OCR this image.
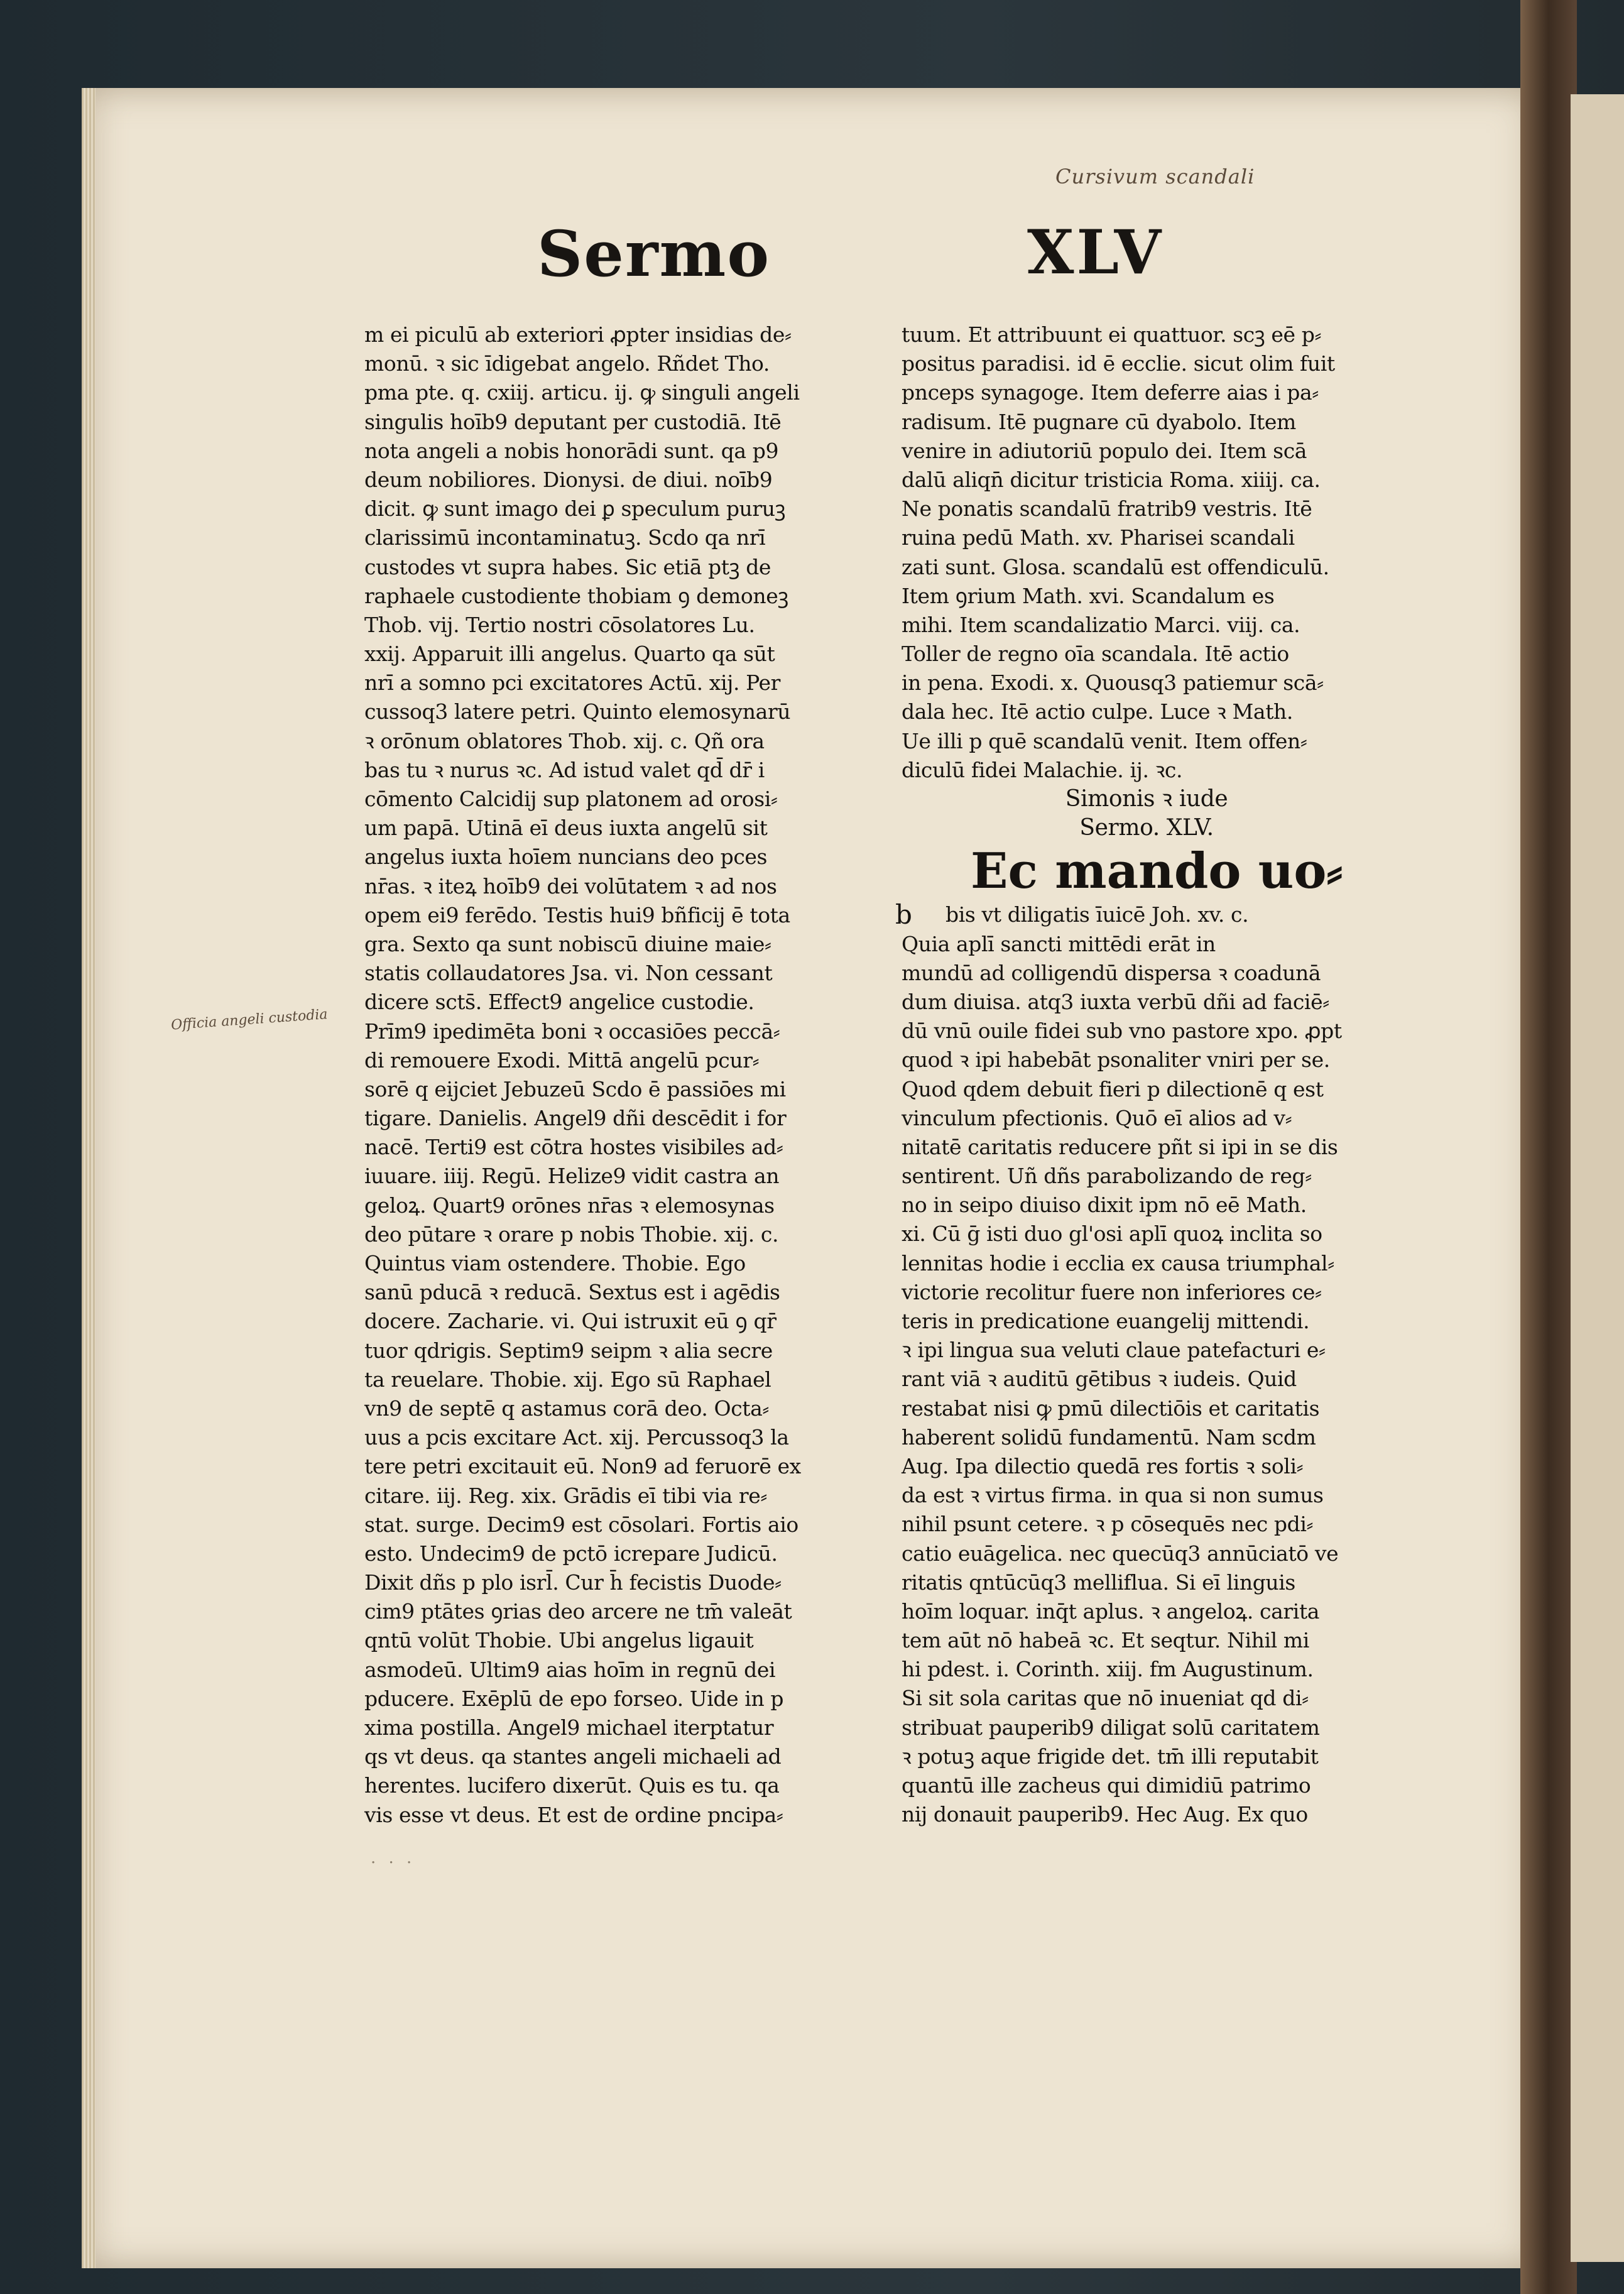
Cursivum scandali
Officia angeli custodia
Sermo	XLV
m ei piculū ab exteriori ꝓpter insidias de⸗
monū. ꝛ sic īdigebat angelo. Rñdet Tho.
pma pte. q. cxiij. articu. ij. ꝙ singuli angeli
singulis hoīb9 deputant per custodiā. Itē
nota angeli a nobis honorādi sunt. qa p9
deum nobiliores. Dionysi. de diui. noīb9
dicit. ꝙ sunt imago dei ꝑ speculum puruꝫ
clarissimū incontaminatuꝫ. Scdo qa nrī
custodes vt supra habes. Sic etiā ptꝫ de
raphaele custodiente thobiam ꝯ demoneꝫ
Thob. vij. Tertio nostri cōsolatores Lu.
xxij. Apparuit illi angelus. Quarto qa sūt
nrī a somno pci excitatores Actū. xij. Per
cussoq3 latere petri. Quinto elemosynarū
ꝛ orōnum oblatores Thob. xij. c. Qñ ora
bas tu ꝛ nurus ꝛc. Ad istud valet qd̄ dr̄ i
cōmento Calcidij sup platonem ad orosi⸗
um papā. Utinā eī deus iuxta angelū sit
angelus iuxta hoīem nuncians deo pces
nr̄as. ꝛ iteꝝ hoīb9 dei volūtatem ꝛ ad nos
opem ei9 ferēdo. Testis hui9 bñficij ē tota
gra. Sexto qa sunt nobiscū diuine maie⸗
statis collaudatores Jsa. vi. Non cessant
dicere scts̄. Effect9 angelice custodie.
Prīm9 ipedimēta boni ꝛ occasiōes peccā⸗
di remouere Exodi. Mittā angelū pcur⸗
sorē q eijciet Jebuzeū Scdo ē passiōes mi
tigare. Danielis. Angel9 dñi descēdit i for
nacē. Terti9 est cōtra hostes visibiles ad⸗
iuuare. iiij. Regū. Helize9 vidit castra an
geloꝝ. Quart9 orōnes nr̄as ꝛ elemosynas
deo pūtare ꝛ orare p nobis Thobie. xij. c.
Quintus viam ostendere. Thobie. Ego
sanū pducā ꝛ reducā. Sextus est i agēdis
docere. Zacharie. vi. Qui istruxit eū ꝯ qr̄
tuor qdrigis. Septim9 seipm ꝛ alia secre
ta reuelare. Thobie. xij. Ego sū Raphael
vn9 de septē q astamus corā deo. Octa⸗
uus a pcis excitare Act. xij. Percussoq3 la
tere petri excitauit eū. Non9 ad feruorē ex
citare. iij. Reg. xix. Grādis eī tibi via re⸗
stat. surge. Decim9 est cōsolari. Fortis aio
esto. Undecim9 de pctō icrepare Judicū.
Dixit dñs p plo isrl̄. Cur h̄ fecistis Duode⸗
cim9 ptātes ꝯrias deo arcere ne tm̄ valeāt
qntū volūt Thobie. Ubi angelus ligauit
asmodeū. Ultim9 aias hoīm in regnū dei
pducere. Exēplū de epo forseo. Uide in p
xima postilla. Angel9 michael iterptatur
qs vt deus. qa stantes angeli michaeli ad
herentes. lucifero dixerūt. Quis es tu. qa
vis esse vt deus. Et est de ordine pncipa⸗
tuum. Et attribuunt ei quattuor. scꝫ eē p⸗
positus paradisi. id ē ecclie. sicut olim fuit
pnceps synagoge. Item deferre aias i pa⸗
radisum. Itē pugnare cū dyabolo. Item
venire in adiutoriū populo dei. Item scā
dalū aliqn̄ dicitur tristicia Roma. xiiij. ca.
Ne ponatis scandalū fratrib9 vestris. Itē
ruina pedū Math. xv. Pharisei scandali
zati sunt. Glosa. scandalū est offendiculū.
Item ꝯrium Math. xvi. Scandalum es
mihi. Item scandalizatio Marci. viij. ca.
Toller de regno oīa scandala. Itē actio
in pena. Exodi. x. Quousq3 patiemur scā⸗
dala hec. Itē actio culpe. Luce ꝛ Math.
Ue illi p quē scandalū venit. Item offen⸗
diculū fidei Malachie. ij. ꝛc.
Simonis ꝛ iude
Sermo. XLV.
Ec mando uo⸗
b bis vt diligatis īuicē Joh. xv. c.
Quia aplī sancti mittēdi erāt in
mundū ad colligendū dispersa ꝛ coadunā
dum diuisa. atq3 iuxta verbū dñi ad faciē⸗
dū vnū ouile fidei sub vno pastore xpo. ꝓpt
quod ꝛ ipi habebāt psonaliter vniri per se.
Quod qdem debuit fieri p dilectionē q est
vinculum pfectionis. Quō eī alios ad v⸗
nitatē caritatis reducere pñt si ipi in se dis
sentirent. Uñ dñs parabolizando de reg⸗
no in seipo diuiso dixit ipm nō eē Math.
xi. Cū ḡ isti duo gl'osi aplī quoꝝ inclita so
lennitas hodie i ecclia ex causa triumphal⸗
victorie recolitur fuere non inferiores ce⸗
teris in predicatione euangelij mittendi.
ꝛ ipi lingua sua veluti claue patefacturi e⸗
rant viā ꝛ auditū gētibus ꝛ iudeis. Quid
restabat nisi ꝙ pmū dilectiōis et caritatis
haberent solidū fundamentū. Nam scdm
Aug. Ipa dilectio quedā res fortis ꝛ soli⸗
da est ꝛ virtus firma. in qua si non sumus
nihil psunt cetere. ꝛ p cōsequēs nec pdi⸗
catio euāgelica. nec quecūq3 annūciatō ve
ritatis qntūcūq3 melliflua. Si eī linguis
hoīm loquar. inq̄t aplus. ꝛ angeloꝝ. carita
tem aūt nō habeā ꝛc. Et seqtur. Nihil mi
hi pdest. i. Corinth. xiij. fm Augustinum.
Si sit sola caritas que nō inueniat qd di⸗
stribuat pauperib9 diligat solū caritatem
ꝛ potuꝫ aque frigide det. tm̄ illi reputabit
quantū ille zacheus qui dimidiū patrimo
nij donauit pauperib9. Hec Aug. Ex quo
· · ·
